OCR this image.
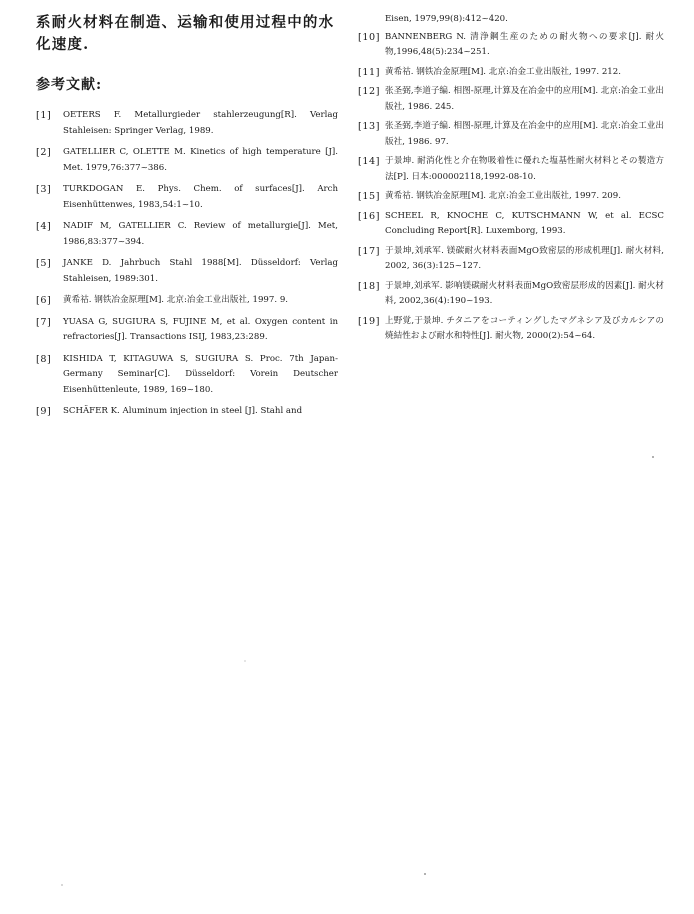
系耐火材料在制造、运输和使用过程中的水化速度.
参考文献:
[1] OETERS F. Metallurgieder stahlerzeugung[R]. Verlag Stahleisen: Springer Verlag, 1989.
[2] GATELLIER C, OLETTE M. Kinetics of high temperature [J]. Met. 1979,76:377~386.
[3] TURKDOGAN E. Phys. Chem. of surfaces[J]. Arch Eisenhüttenwes, 1983,54:1~10.
[4] NADIF M, GATELLIER C. Review of metallurgie[J]. Met, 1986,83:377~394.
[5] JANKE D. Jahrbuch Stahl 1988[M]. Düsseldorf: Verlag Stahleisen, 1989:301.
[6] 黄希祜. 钢铁冶金原理[M]. 北京:冶金工业出版社, 1997. 9.
[7] YUASA G, SUGIURA S, FUJINE M, et al. Oxygen content in refractories[J]. Transactions ISIJ, 1983,23:289.
[8] KISHIDA T, KITAGUWA S, SUGIURA S. Proc. 7th Japan-Germany Seminar[C]. Düsseldorf: Vorein Deutscher Eisenhüttenleute, 1989, 169~180.
[9] SCHÄFER K. Aluminum injection in steel [J]. Stahl and
Eisen, 1979,99(8):412~420.
[10] BANNENBERG N. 清浄鋼生産のための耐火物への要求[J]. 耐火物,1996,48(5):234~251.
[11] 黄希祜. 钢铁冶金原理[M]. 北京:冶金工业出版社, 1997. 212.
[12] 张圣弼,李道子编. 相图-原理,计算及在冶金中的应用[M]. 北京:冶金工业出版社, 1986. 245.
[13] 张圣弼,李道子编. 相图-原理,计算及在冶金中的应用[M]. 北京:冶金工业出版社, 1986. 97.
[14] 于景坤. 耐消化性と介在物吸着性に優れた塩基性耐火材料とその製造方法[P]. 日本:000002118,1992-08-10.
[15] 黄希祜. 钢铁冶金原理[M]. 北京:冶金工业出版社, 1997. 209.
[16] SCHEEL R, KNOCHE C, KUTSCHMANN W, et al. ECSC Concluding Report[R]. Luxemborg, 1993.
[17] 于景坤,刘承军. 镁碳耐火材料表面MgO致密层的形成机理[J]. 耐火材料, 2002, 36(3):125~127.
[18] 于景坤,刘承军. 影响镁碳耐火材料表面MgO致密层形成的因素[J]. 耐火材料, 2002,36(4):190~193.
[19] 上野覚,于景坤. チタニアをコーティングしたマグネシア及びカルシアの焼結性および耐水和特性[J]. 耐火物, 2000(2):54~64.
